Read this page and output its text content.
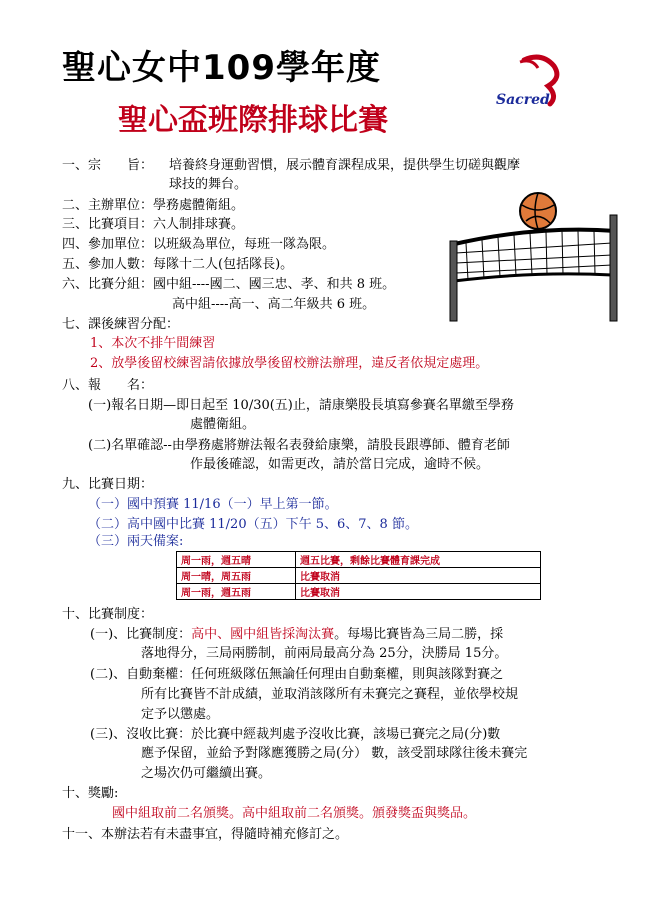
聖心女中109學年度
聖心盃班際排球比賽
Sacred
一、宗　　旨： 培養終身運動習慣，展示體育課程成果，提供學生切磋與觀摩
球技的舞台。
二、主辦單位：學務處體衛組。
三、比賽項目：六人制排球賽。
四、參加單位：以班級為單位，每班一隊為限。
五、參加人數：每隊十二人(包括隊長)。
六、比賽分組：國中組----國二、國三忠、孝、和共 8 班。
高中組----高一、高二年級共 6 班。
七、課後練習分配：
1、本次不排午間練習
2、放學後留校練習請依據放學後留校辦法辦理，違反者依規定處理。
八、報　　名：
(一)報名日期—即日起至 10/30(五)止，請康樂股長填寫參賽名單繳至學務
處體衛組。
(二)名單確認--由學務處將辦法報名表發給康樂，請股長跟導師、體育老師
作最後確認，如需更改，請於當日完成，逾時不候。
九、比賽日期：
（一）國中預賽 11/16（一）早上第一節。
（二）高中國中比賽 11/20（五）下午 5、6、7、8 節。
（三）兩天備案:
周一雨，週五晴	週五比賽，剩餘比賽體育課完成
周一晴，周五雨	比賽取消
周一雨，週五雨	比賽取消
十、比賽制度：
(一)、比賽制度：高中、國中組皆採淘汰賽。每場比賽皆為三局二勝，採
落地得分，三局兩勝制，前兩局最高分為 25分，決勝局 15分。
(二)、自動棄權：任何班級隊伍無論任何理由自動棄權，則與該隊對賽之
所有比賽皆不計成績，並取消該隊所有未賽完之賽程，並依學校規
定予以懲處。
(三)、沒收比賽：於比賽中經裁判處予沒收比賽，該場已賽完之局(分)數
應予保留，並給予對隊應獲勝之局(分） 數，該受罰球隊往後未賽完
之場次仍可繼續出賽。
十、獎勵:
國中組取前二名頒獎。高中組取前二名頒獎。頒發獎盃與獎品。
十一、本辦法若有未盡事宜，得隨時補充修訂之。
